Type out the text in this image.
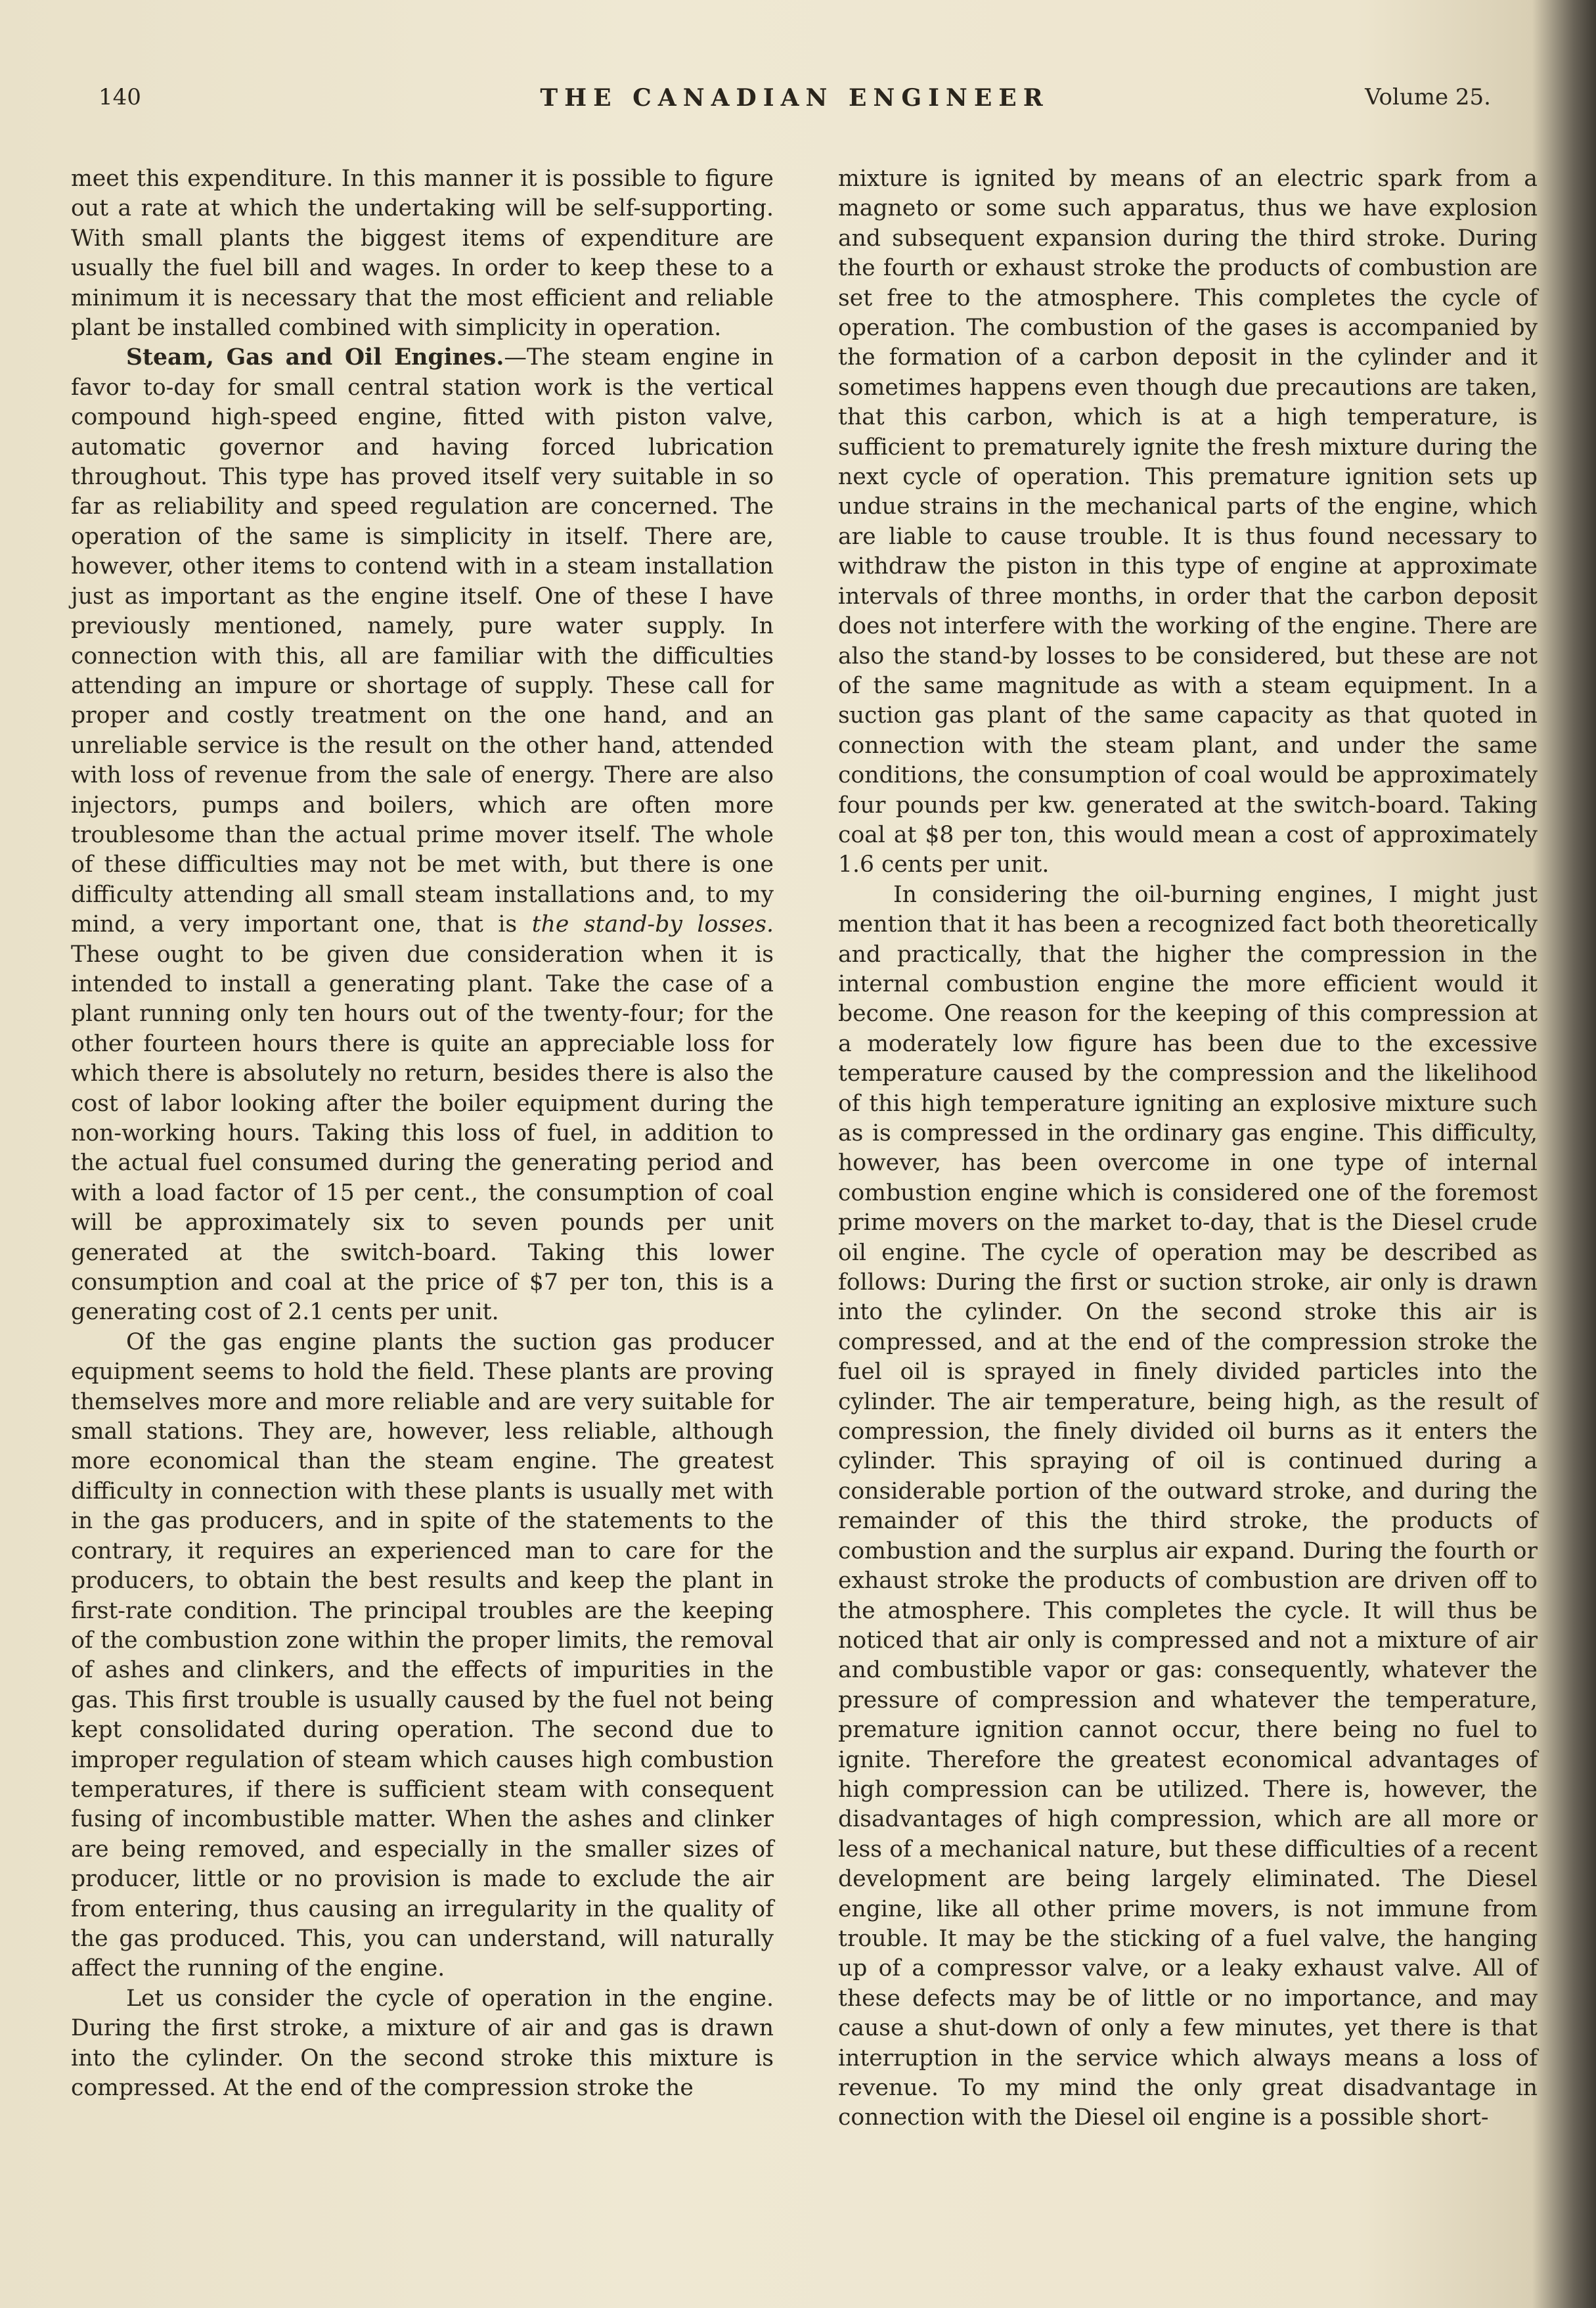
140	THE CANADIAN ENGINEER	Volume 25.

meet this expenditure. In this manner it is possible to figure out a rate at which the undertaking will be self-supporting. With small plants the biggest items of expenditure are usually the fuel bill and wages. In order to keep these to a minimum it is necessary that the most efficient and reliable plant be installed combined with simplicity in operation.

Steam, Gas and Oil Engines.—The steam engine in favor to-day for small central station work is the vertical compound high-speed engine, fitted with piston valve, automatic governor and having forced lubrication throughout. This type has proved itself very suitable in so far as reliability and speed regulation are concerned. The operation of the same is simplicity in itself. There are, however, other items to contend with in a steam installation just as important as the engine itself. One of these I have previously mentioned, namely, pure water supply. In connection with this, all are familiar with the difficulties attending an impure or shortage of supply. These call for proper and costly treatment on the one hand, and an unreliable service is the result on the other hand, attended with loss of revenue from the sale of energy. There are also injectors, pumps and boilers, which are often more troublesome than the actual prime mover itself. The whole of these difficulties may not be met with, but there is one difficulty attending all small steam installations and, to my mind, a very important one, that is the stand-by losses. These ought to be given due consideration when it is intended to install a generating plant. Take the case of a plant running only ten hours out of the twenty-four; for the other fourteen hours there is quite an appreciable loss for which there is absolutely no return, besides there is also the cost of labor looking after the boiler equipment during the non-working hours. Taking this loss of fuel, in addition to the actual fuel consumed during the generating period and with a load factor of 15 per cent., the consumption of coal will be approximately six to seven pounds per unit generated at the switch-board. Taking this lower consumption and coal at the price of $7 per ton, this is a generating cost of 2.1 cents per unit.

Of the gas engine plants the suction gas producer equipment seems to hold the field. These plants are proving themselves more and more reliable and are very suitable for small stations. They are, however, less reliable, although more economical than the steam engine. The greatest difficulty in connection with these plants is usually met with in the gas producers, and in spite of the statements to the contrary, it requires an experienced man to care for the producers, to obtain the best results and keep the plant in first-rate condition. The principal troubles are the keeping of the combustion zone within the proper limits, the removal of ashes and clinkers, and the effects of impurities in the gas. This first trouble is usually caused by the fuel not being kept consolidated during operation. The second due to improper regulation of steam which causes high combustion temperatures, if there is sufficient steam with consequent fusing of incombustible matter. When the ashes and clinker are being removed, and especially in the smaller sizes of producer, little or no provision is made to exclude the air from entering, thus causing an irregularity in the quality of the gas produced. This, you can understand, will naturally affect the running of the engine.

Let us consider the cycle of operation in the engine. During the first stroke, a mixture of air and gas is drawn into the cylinder. On the second stroke this mixture is compressed. At the end of the compression stroke the

mixture is ignited by means of an electric spark from a magneto or some such apparatus, thus we have explosion and subsequent expansion during the third stroke. During the fourth or exhaust stroke the products of combustion are set free to the atmosphere. This completes the cycle of operation. The combustion of the gases is accompanied by the formation of a carbon deposit in the cylinder and it sometimes happens even though due precautions are taken, that this carbon, which is at a high temperature, is sufficient to prematurely ignite the fresh mixture during the next cycle of operation. This premature ignition sets up undue strains in the mechanical parts of the engine, which are liable to cause trouble. It is thus found necessary to withdraw the piston in this type of engine at approximate intervals of three months, in order that the carbon deposit does not interfere with the working of the engine. There are also the stand-by losses to be considered, but these are not of the same magnitude as with a steam equipment. In a suction gas plant of the same capacity as that quoted in connection with the steam plant, and under the same conditions, the consumption of coal would be approximately four pounds per kw. generated at the switch-board. Taking coal at $8 per ton, this would mean a cost of approximately 1.6 cents per unit.

In considering the oil-burning engines, I might just mention that it has been a recognized fact both theoretically and practically, that the higher the compression in the internal combustion engine the more efficient would it become. One reason for the keeping of this compression at a moderately low figure has been due to the excessive temperature caused by the compression and the likelihood of this high temperature igniting an explosive mixture such as is compressed in the ordinary gas engine. This difficulty, however, has been overcome in one type of internal combustion engine which is considered one of the foremost prime movers on the market to-day, that is the Diesel crude oil engine. The cycle of operation may be described as follows: During the first or suction stroke, air only is drawn into the cylinder. On the second stroke this air is compressed, and at the end of the compression stroke the fuel oil is sprayed in finely divided particles into the cylinder. The air temperature, being high, as the result of compression, the finely divided oil burns as it enters the cylinder. This spraying of oil is continued during a considerable portion of the outward stroke, and during the remainder of this the third stroke, the products of combustion and the surplus air expand. During the fourth or exhaust stroke the products of combustion are driven off to the atmosphere. This completes the cycle. It will thus be noticed that air only is compressed and not a mixture of air and combustible vapor or gas: consequently, whatever the pressure of compression and whatever the temperature, premature ignition cannot occur, there being no fuel to ignite. Therefore the greatest economical advantages of high compression can be utilized. There is, however, the disadvantages of high compression, which are all more or less of a mechanical nature, but these difficulties of a recent development are being largely eliminated. The Diesel engine, like all other prime movers, is not immune from trouble. It may be the sticking of a fuel valve, the hanging up of a compressor valve, or a leaky exhaust valve. All of these defects may be of little or no importance, and may cause a shut-down of only a few minutes, yet there is that interruption in the service which always means a loss of revenue. To my mind the only great disadvantage in connection with the Diesel oil engine is a possible short-
